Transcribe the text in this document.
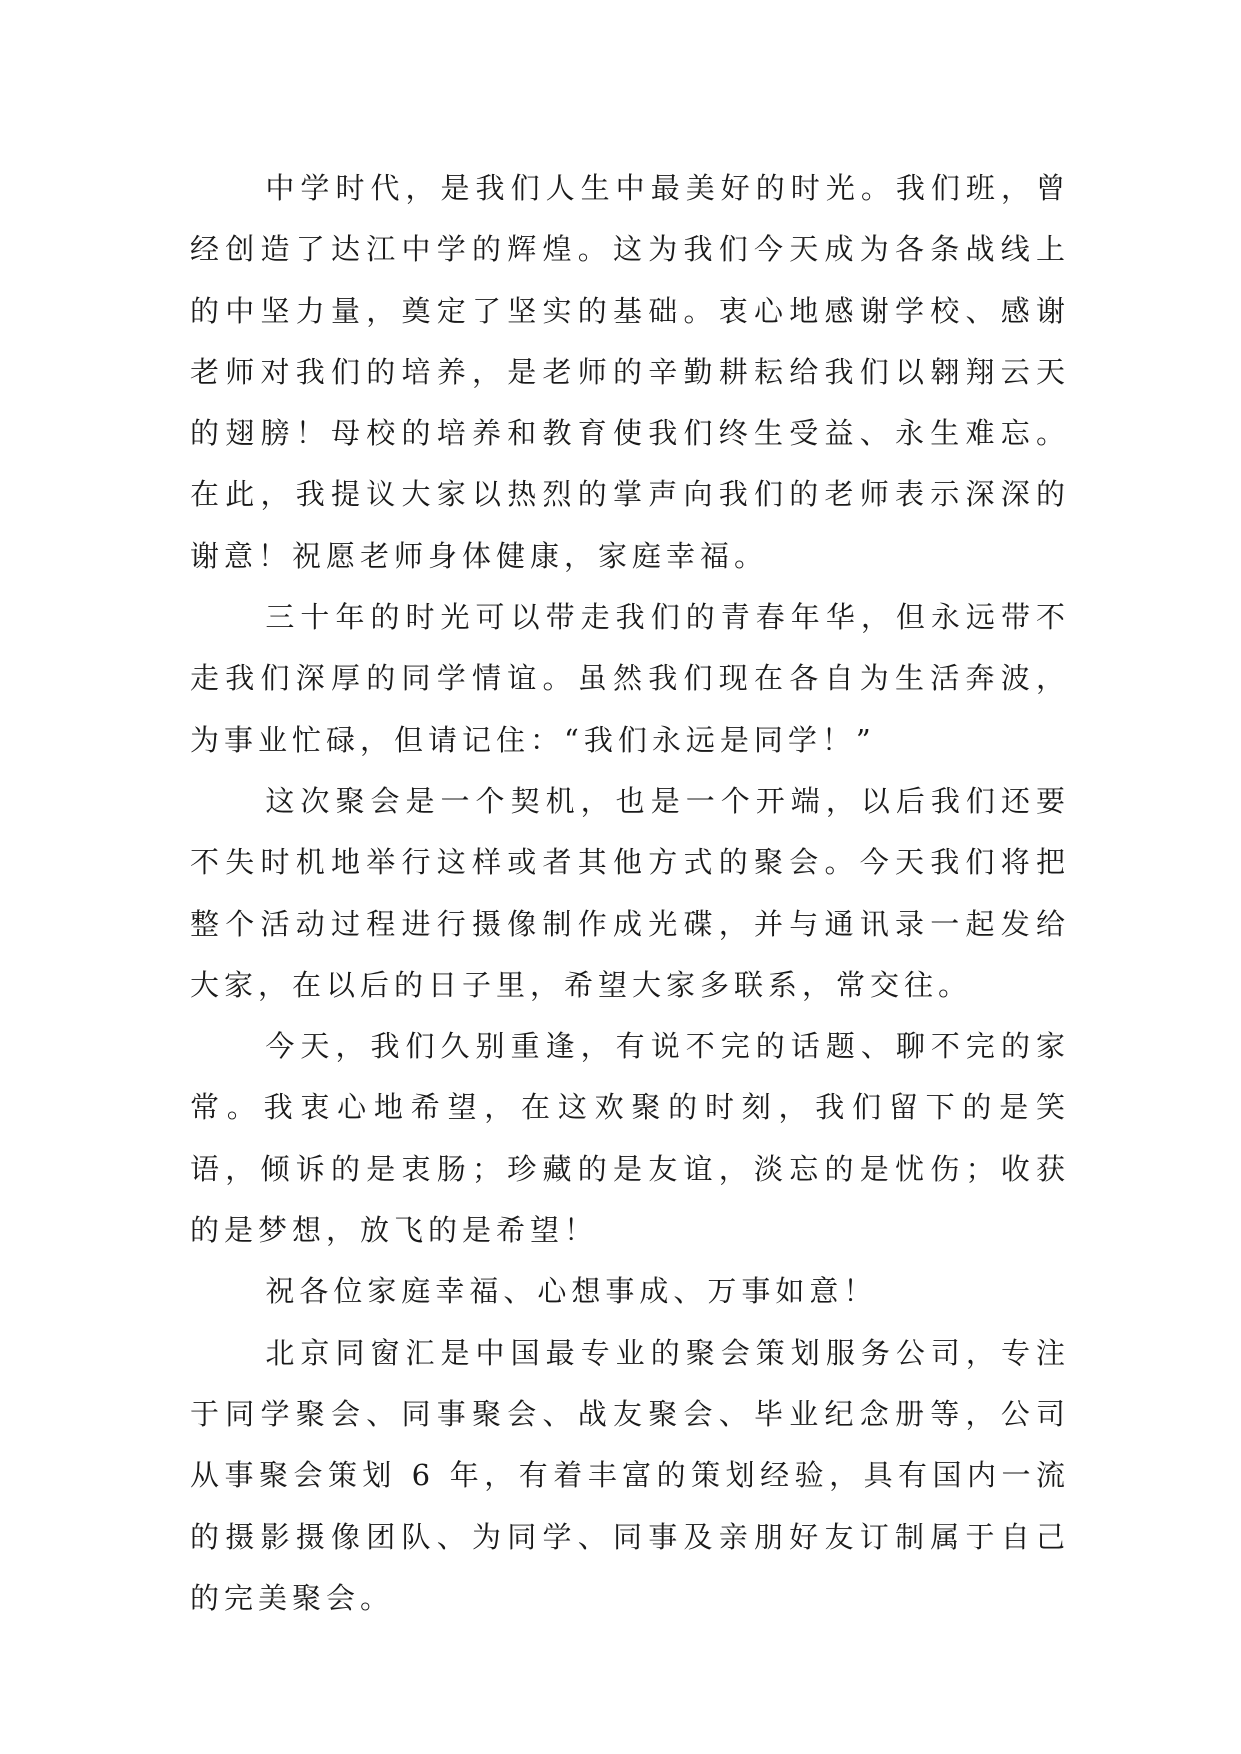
中学时代，是我们人生中最美好的时光。我们班，曾经创造了达江中学的辉煌。这为我们今天成为各条战线上的中坚力量，奠定了坚实的基础。衷心地感谢学校、感谢老师对我们的培养，是老师的辛勤耕耘给我们以翱翔云天的翅膀！母校的培养和教育使我们终生受益、永生难忘。在此，我提议大家以热烈的掌声向我们的老师表示深深的谢意！祝愿老师身体健康，家庭幸福。

三十年的时光可以带走我们的青春年华，但永远带不走我们深厚的同学情谊。虽然我们现在各自为生活奔波，为事业忙碌，但请记住：“我们永远是同学！”

这次聚会是一个契机，也是一个开端，以后我们还要不失时机地举行这样或者其他方式的聚会。今天我们将把整个活动过程进行摄像制作成光碟，并与通讯录一起发给大家，在以后的日子里，希望大家多联系，常交往。

今天，我们久别重逢，有说不完的话题、聊不完的家常。我衷心地希望，在这欢聚的时刻，我们留下的是笑语，倾诉的是衷肠；珍藏的是友谊，淡忘的是忧伤；收获的是梦想，放飞的是希望！

祝各位家庭幸福、心想事成、万事如意！

北京同窗汇是中国最专业的聚会策划服务公司，专注于同学聚会、同事聚会、战友聚会、毕业纪念册等，公司从事聚会策划 6 年，有着丰富的策划经验，具有国内一流的摄影摄像团队、为同学、同事及亲朋好友订制属于自己的完美聚会。
